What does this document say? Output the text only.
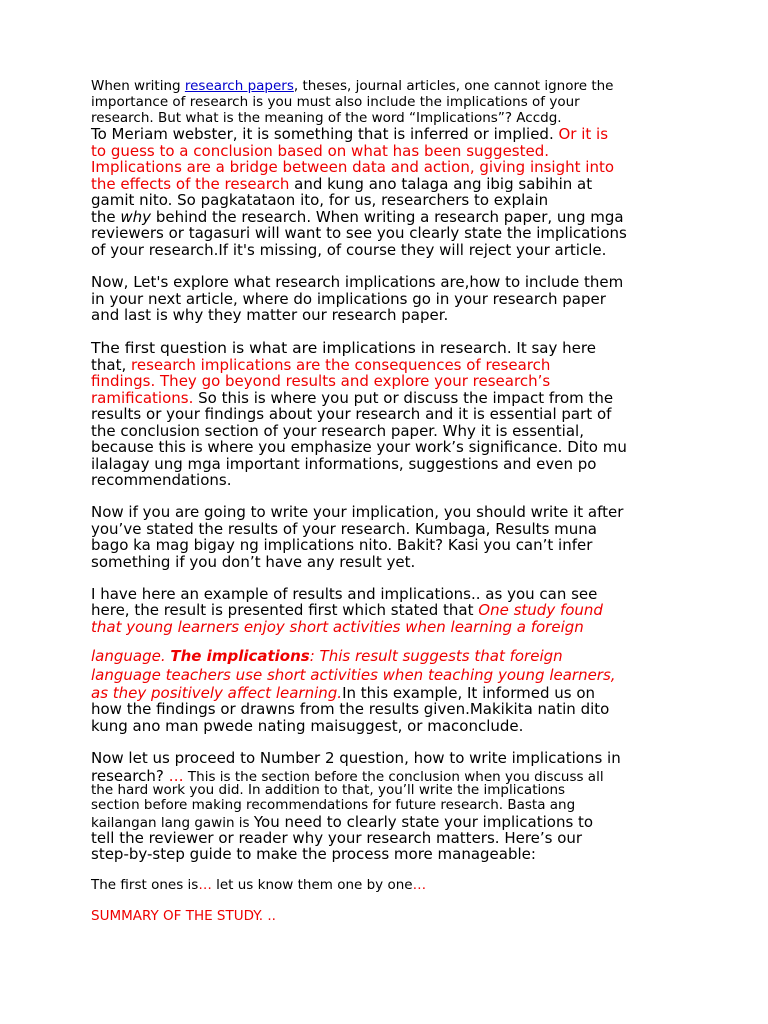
When writing research papers, theses, journal articles, one cannot ignore the
importance of research is you must also include the implications of your
research. But what is the meaning of the word “Implications”? Accdg.
To Meriam webster, it is something that is inferred or implied. Or it is
to guess to a conclusion based on what has been suggested.
Implications are a bridge between data and action, giving insight into
the effects of the research and kung ano talaga ang ibig sabihin at
gamit nito. So pagkatataon ito, for us, researchers to explain
the why behind the research. When writing a research paper, ung mga
reviewers or tagasuri will want to see you clearly state the implications
of your research.If it's missing, of course they will reject your article.
Now, Let's explore what research implications are,how to include them
in your next article, where do implications go in your research paper
and last is why they matter our research paper.
The first question is what are implications in research. It say here
that, research implications are the consequences of research
findings. They go beyond results and explore your research’s
ramifications. So this is where you put or discuss the impact from the
results or your findings about your research and it is essential part of
the conclusion section of your research paper. Why it is essential,
because this is where you emphasize your work’s significance. Dito mu
ilalagay ung mga important informations, suggestions and even po
recommendations.
Now if you are going to write your implication, you should write it after
you’ve stated the results of your research. Kumbaga, Results muna
bago ka mag bigay ng implications nito. Bakit? Kasi you can’t infer
something if you don’t have any result yet.
I have here an example of results and implications.. as you can see
here, the result is presented first which stated that One study found
that young learners enjoy short activities when learning a foreign
language. The implications: This result suggests that foreign
language teachers use short activities when teaching young learners,
as they positively affect learning.In this example, It informed us on
how the findings or drawns from the results given.Makikita natin dito
kung ano man pwede nating maisuggest, or maconclude.
Now let us proceed to Number 2 question, how to write implications in
research? … This is the section before the conclusion when you discuss all
the hard work you did. In addition to that, you’ll write the implications
section before making recommendations for future research. Basta ang
kailangan lang gawin is You need to clearly state your implications to
tell the reviewer or reader why your research matters. Here’s our
step-by-step guide to make the process more manageable:
The first ones is… let us know them one by one…
SUMMARY OF THE STUDY. ..
